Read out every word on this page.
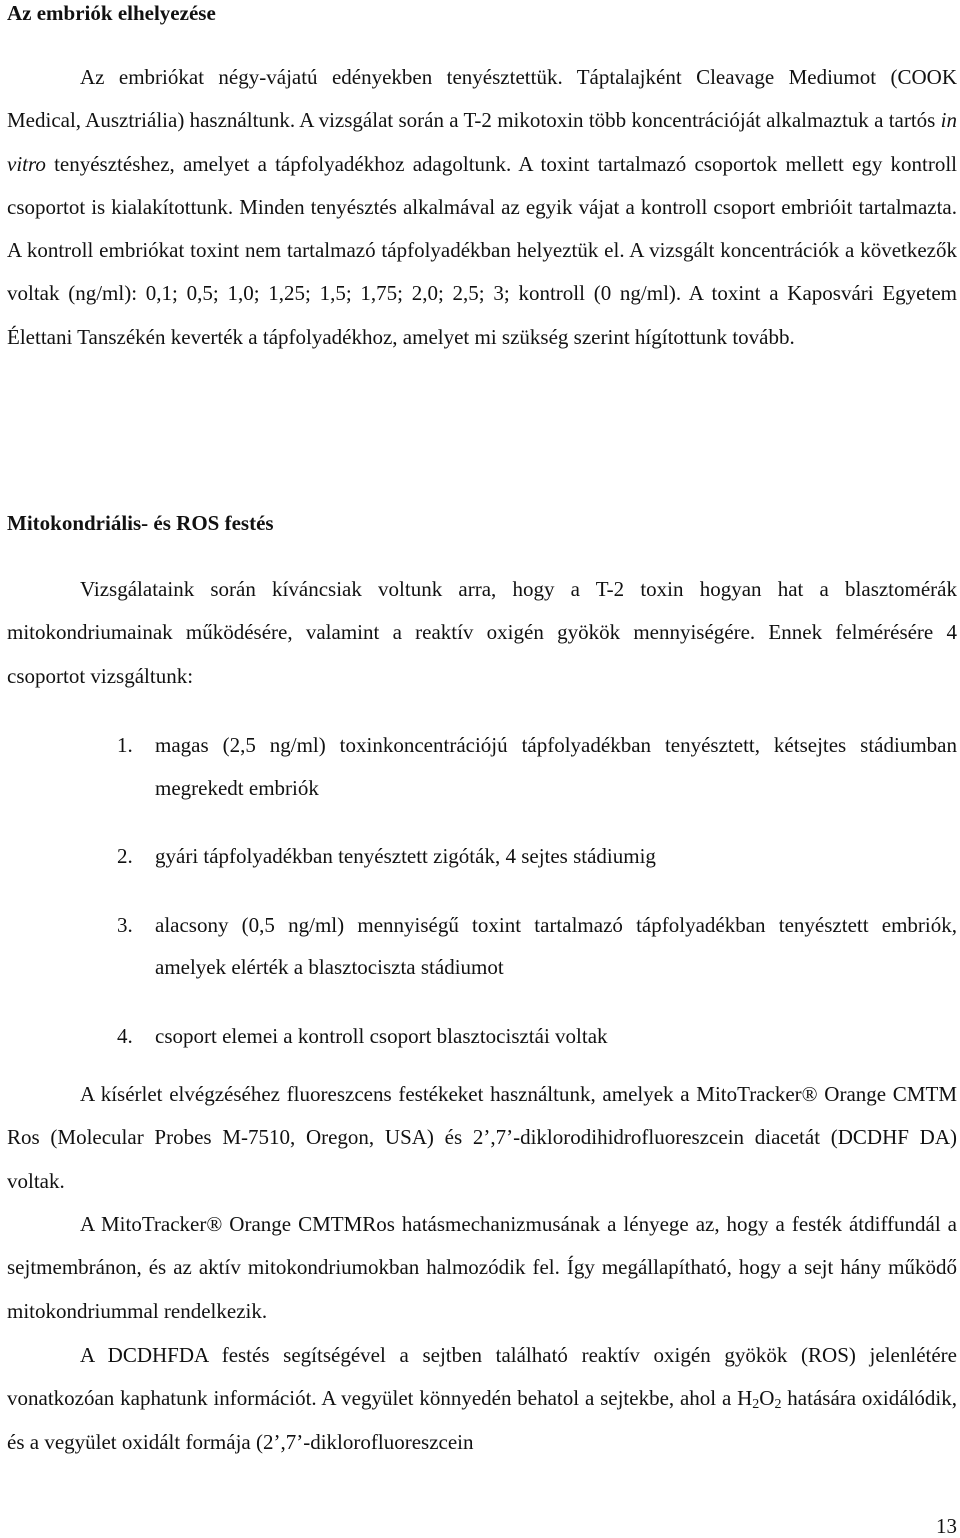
Az embriók elhelyezése

Az embriókat négy-vájatú edényekben tenyésztettük. Táptalajként Cleavage Mediumot (COOK Medical, Ausztriália) használtunk. A vizsgálat során a T-2 mikotoxin több koncentrációját alkalmaztuk a tartós in vitro tenyésztéshez, amelyet a tápfolyadékhoz adagoltunk. A toxint tartalmazó csoportok mellett egy kontroll csoportot is kialakítottunk. Minden tenyésztés alkalmával az egyik vájat a kontroll csoport embrióit tartalmazta. A kontroll embriókat toxint nem tartalmazó tápfolyadékban helyeztük el. A vizsgált koncentrációk a következők voltak (ng/ml): 0,1; 0,5; 1,0; 1,25; 1,5; 1,75; 2,0; 2,5; 3; kontroll (0 ng/ml). A toxint a Kaposvári Egyetem Élettani Tanszékén keverték a tápfolyadékhoz, amelyet mi szükség szerint hígítottunk tovább.

Mitokondriális- és ROS festés

Vizsgálataink során kíváncsiak voltunk arra, hogy a T-2 toxin hogyan hat a blasztomérák mitokondriumainak működésére, valamint a reaktív oxigén gyökök mennyiségére. Ennek felmérésére 4 csoportot vizsgáltunk:

1.	magas (2,5 ng/ml) toxinkoncentrációjú tápfolyadékban tenyésztett, kétsejtes stádiumban megrekedt embriók
2.	gyári tápfolyadékban tenyésztett zigóták, 4 sejtes stádiumig
3.	alacsony (0,5 ng/ml) mennyiségű toxint tartalmazó tápfolyadékban tenyésztett embriók, amelyek elérték a blasztociszta stádiumot
4.	csoport elemei a kontroll csoport blasztocisztái voltak

A kísérlet elvégzéséhez fluoreszcens festékeket használtunk, amelyek a MitoTracker® Orange CMTM Ros (Molecular Probes M-7510, Oregon, USA) és 2’,7’-diklorodihidrofluoreszcein diacetát (DCDHF DA) voltak.

A MitoTracker® Orange CMTMRos hatásmechanizmusának a lényege az, hogy a festék átdiffundál a sejtmembránon, és az aktív mitokondriumokban halmozódik fel. Így megállapítható, hogy a sejt hány működő mitokondriummal rendelkezik.

A DCDHFDA festés segítségével a sejtben található reaktív oxigén gyökök (ROS) jelenlétére vonatkozóan kaphatunk információt. A vegyület könnyedén behatol a sejtekbe, ahol a $H_2O_2$ hatására oxidálódik, és a vegyület oxidált formája (2’,7’-diklorofluoreszcein

13
